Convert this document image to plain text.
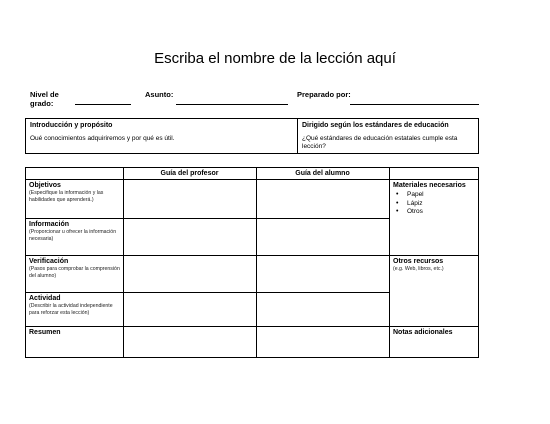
Escriba el nombre de la lección aquí
Nivel de grado:
Asunto:	Preparado por:
Introducción y propósito
Oué conocimientos adquiriremos y por qué es útil.
Dirigido según los estándares de educación
¿Qué estándares de educación estatales cumple esta lección?
Guía del profesor	Guía del alumno
Objetivos
(Especifique la información y las habilidades que aprenderá.)
Información
(Proporcionar u ofrecer la información necesaria)
Verificación
(Pasos para comprobar la comprensión del alumno)
Actividad
(Describir la actividad independiente para reforzar esta lección)
Resumen
Materiales necesarios
• Papel
• Lápiz
• Otros
Otros recursos
(e.g. Web, libros, etc.)
Notas adicionales
